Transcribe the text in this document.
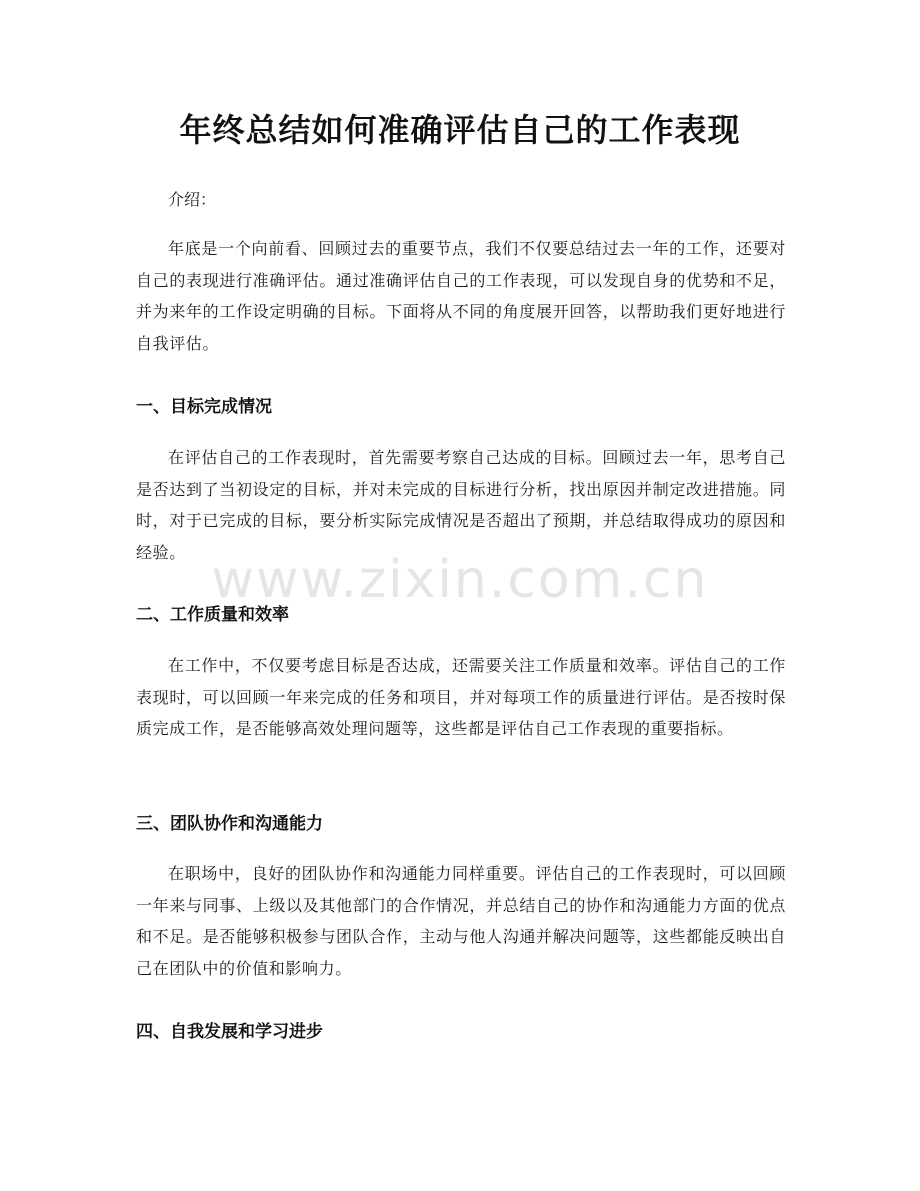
年终总结如何准确评估自己的工作表现
介绍：
年底是一个向前看、回顾过去的重要节点，我们不仅要总结过去一年的工作，还要对自己的表现进行准确评估。通过准确评估自己的工作表现，可以发现自身的优势和不足，并为来年的工作设定明确的目标。下面将从不同的角度展开回答，以帮助我们更好地进行自我评估。
一、目标完成情况
在评估自己的工作表现时，首先需要考察自己达成的目标。回顾过去一年，思考自己是否达到了当初设定的目标，并对未完成的目标进行分析，找出原因并制定改进措施。同时，对于已完成的目标，要分析实际完成情况是否超出了预期，并总结取得成功的原因和经验。
二、工作质量和效率
在工作中，不仅要考虑目标是否达成，还需要关注工作质量和效率。评估自己的工作表现时，可以回顾一年来完成的任务和项目，并对每项工作的质量进行评估。是否按时保质完成工作，是否能够高效处理问题等，这些都是评估自己工作表现的重要指标。
三、团队协作和沟通能力
在职场中，良好的团队协作和沟通能力同样重要。评估自己的工作表现时，可以回顾一年来与同事、上级以及其他部门的合作情况，并总结自己的协作和沟通能力方面的优点和不足。是否能够积极参与团队合作，主动与他人沟通并解决问题等，这些都能反映出自己在团队中的价值和影响力。
四、自我发展和学习进步
www.zixin.com.cn
